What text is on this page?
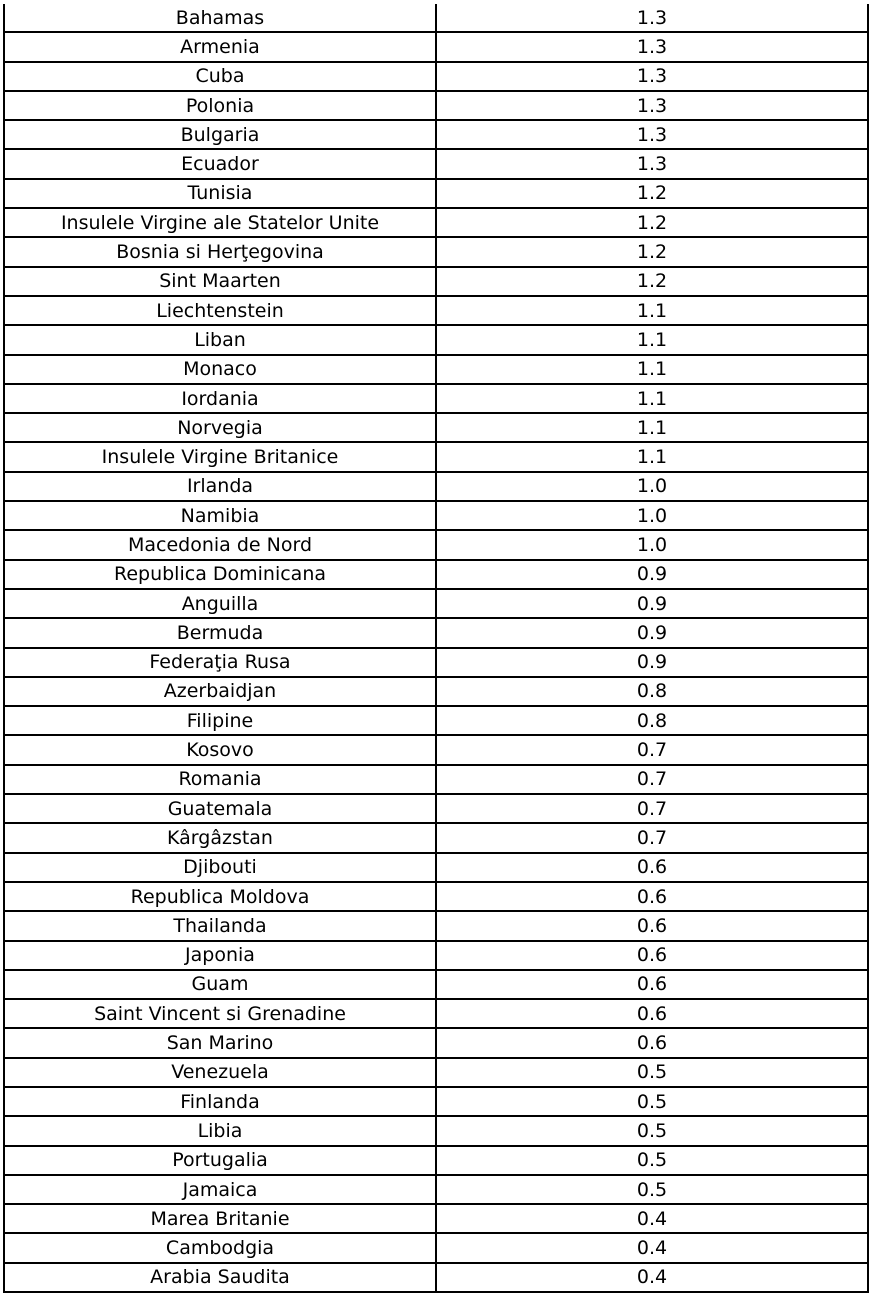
Bahamas	1.3
Armenia	1.3
Cuba	1.3
Polonia	1.3
Bulgaria	1.3
Ecuador	1.3
Tunisia	1.2
Insulele Virgine ale Statelor Unite	1.2
Bosnia si Herţegovina	1.2
Sint Maarten	1.2
Liechtenstein	1.1
Liban	1.1
Monaco	1.1
Iordania	1.1
Norvegia	1.1
Insulele Virgine Britanice	1.1
Irlanda	1.0
Namibia	1.0
Macedonia de Nord	1.0
Republica Dominicana	0.9
Anguilla	0.9
Bermuda	0.9
Federaţia Rusa	0.9
Azerbaidjan	0.8
Filipine	0.8
Kosovo	0.7
Romania	0.7
Guatemala	0.7
Kârgâzstan	0.7
Djibouti	0.6
Republica Moldova	0.6
Thailanda	0.6
Japonia	0.6
Guam	0.6
Saint Vincent si Grenadine	0.6
San Marino	0.6
Venezuela	0.5
Finlanda	0.5
Libia	0.5
Portugalia	0.5
Jamaica	0.5
Marea Britanie	0.4
Cambodgia	0.4
Arabia Saudita	0.4
